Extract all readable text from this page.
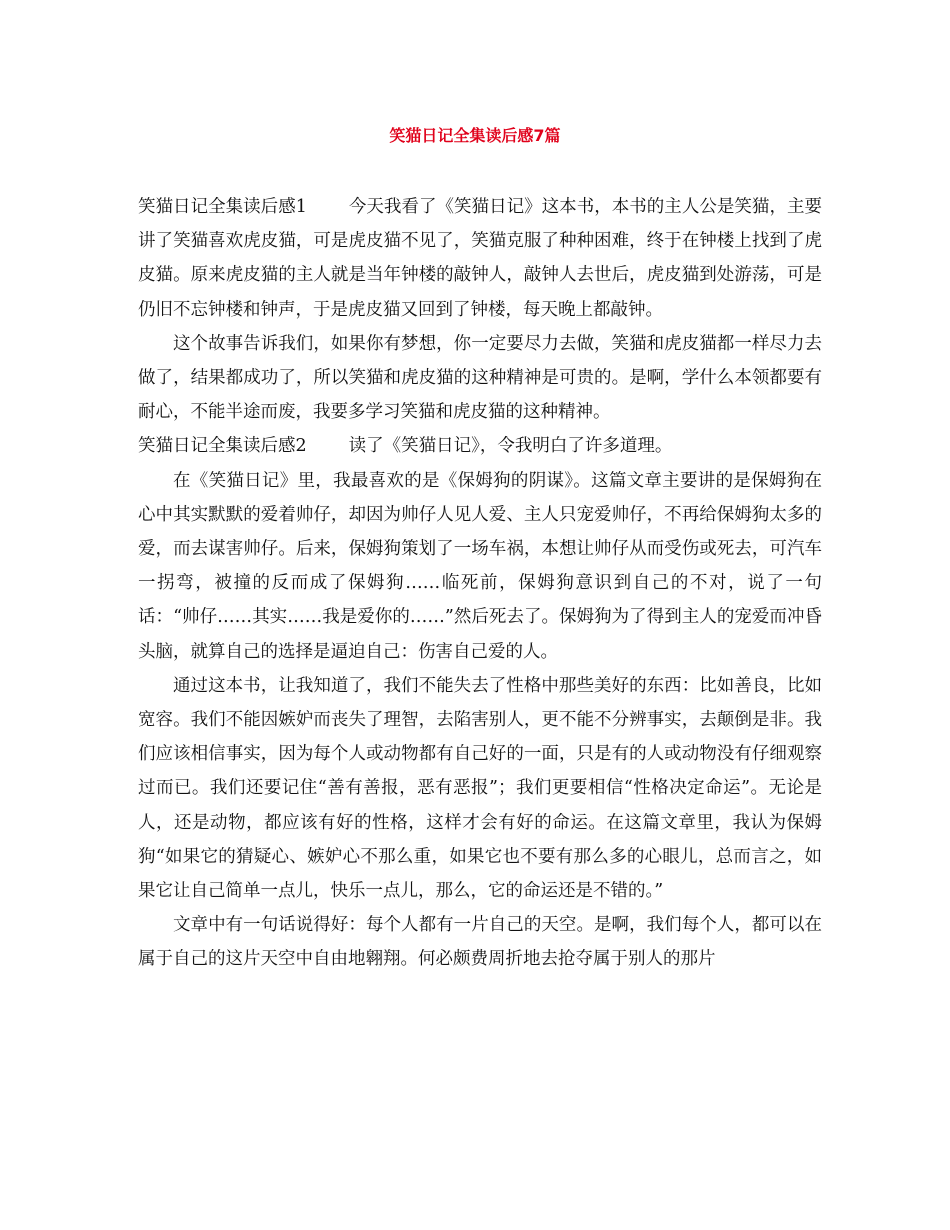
笑猫日记全集读后感7篇

笑猫日记全集读后感1 今天我看了《笑猫日记》这本书，本书的主人公是笑猫，主要讲了笑猫喜欢虎皮猫，可是虎皮猫不见了，笑猫克服了种种困难，终于在钟楼上找到了虎皮猫。原来虎皮猫的主人就是当年钟楼的敲钟人，敲钟人去世后，虎皮猫到处游荡，可是仍旧不忘钟楼和钟声，于是虎皮猫又回到了钟楼，每天晚上都敲钟。

这个故事告诉我们，如果你有梦想，你一定要尽力去做，笑猫和虎皮猫都一样尽力去做了，结果都成功了，所以笑猫和虎皮猫的这种精神是可贵的。是啊，学什么本领都要有耐心，不能半途而废，我要多学习笑猫和虎皮猫的这种精神。

笑猫日记全集读后感2 读了《笑猫日记》，令我明白了许多道理。

在《笑猫日记》里，我最喜欢的是《保姆狗的阴谋》。这篇文章主要讲的是保姆狗在心中其实默默的爱着帅仔，却因为帅仔人见人爱、主人只宠爱帅仔，不再给保姆狗太多的爱，而去谋害帅仔。后来，保姆狗策划了一场车祸，本想让帅仔从而受伤或死去，可汽车一拐弯，被撞的反而成了保姆狗……临死前，保姆狗意识到自己的不对，说了一句话：“帅仔……其实……我是爱你的……”然后死去了。保姆狗为了得到主人的宠爱而冲昏头脑，就算自己的选择是逼迫自己：伤害自己爱的人。

通过这本书，让我知道了，我们不能失去了性格中那些美好的东西：比如善良，比如宽容。我们不能因嫉妒而丧失了理智，去陷害别人，更不能不分辨事实，去颠倒是非。我们应该相信事实，因为每个人或动物都有自己好的一面，只是有的人或动物没有仔细观察过而已。我们还要记住“善有善报，恶有恶报”；我们更要相信“性格决定命运”。无论是人，还是动物，都应该有好的性格，这样才会有好的命运。在这篇文章里，我认为保姆狗“如果它的猜疑心、嫉妒心不那么重，如果它也不要有那么多的心眼儿，总而言之，如果它让自己简单一点儿，快乐一点儿，那么，它的命运还是不错的。”

文章中有一句话说得好：每个人都有一片自己的天空。是啊，我们每个人，都可以在属于自己的这片天空中自由地翱翔。何必颇费周折地去抢夺属于别人的那片
